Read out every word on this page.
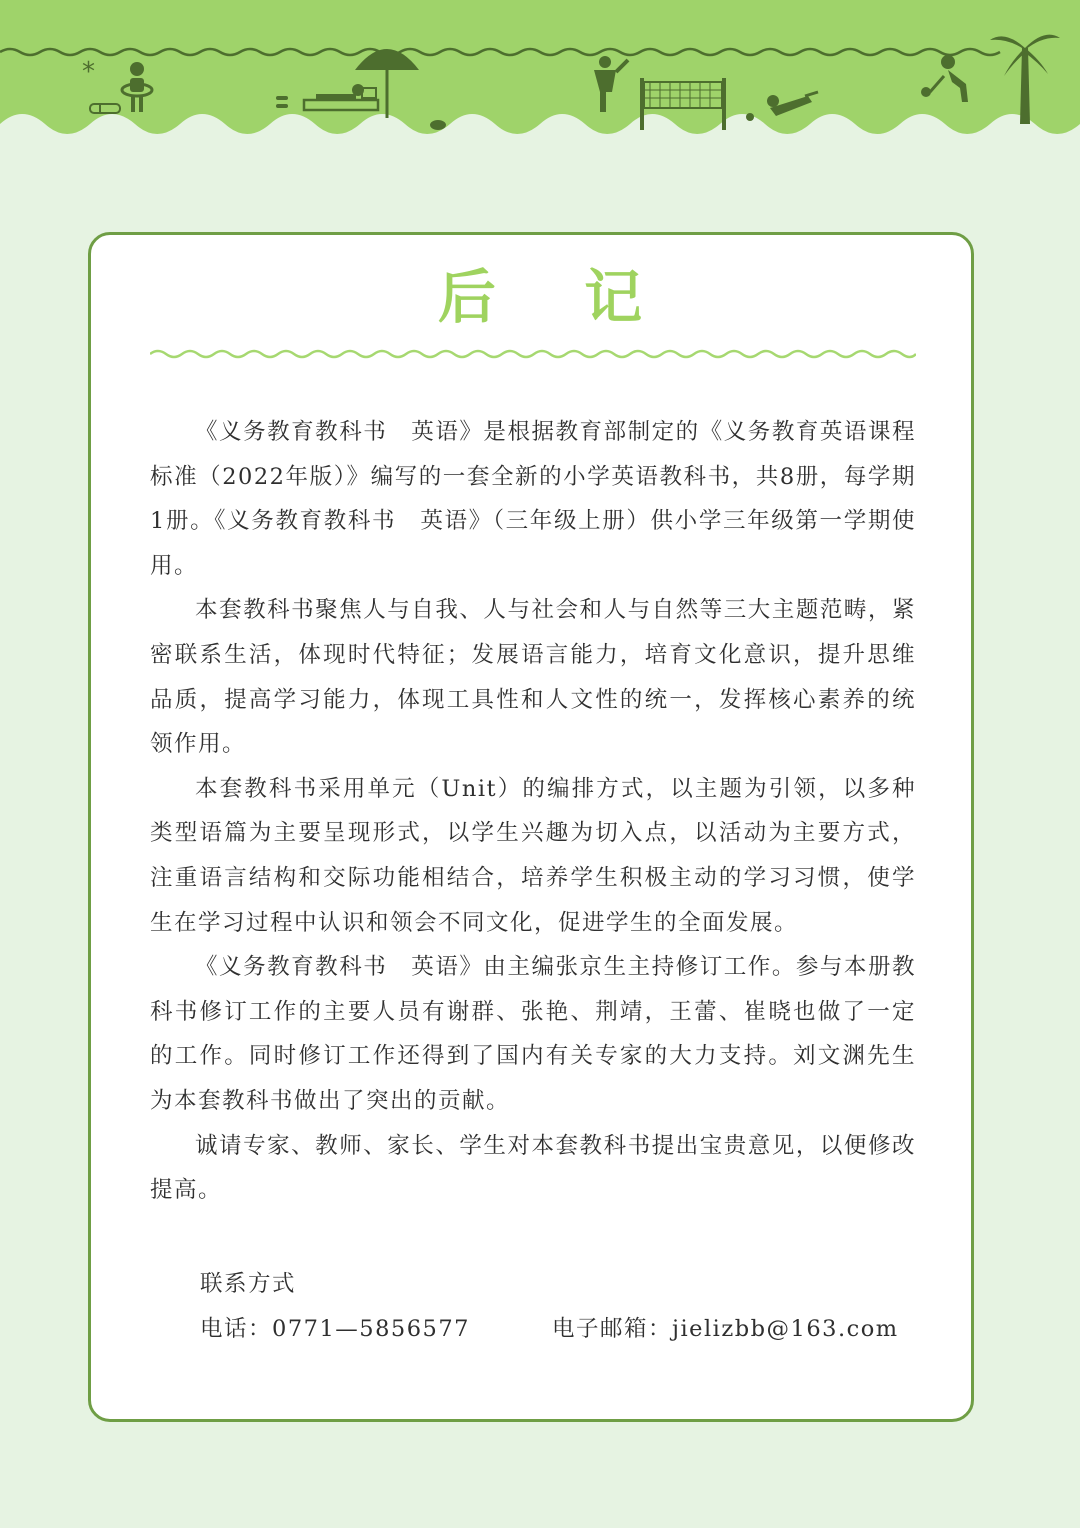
*
后 记

《义务教育教科书　英语》是根据教育部制定的《义务教育英语课程标准（2022年版）》编写的一套全新的小学英语教科书，共8册，每学期1册。《义务教育教科书　英语》（三年级上册）供小学三年级第一学期使用。

本套教科书聚焦人与自我、人与社会和人与自然等三大主题范畴，紧密联系生活，体现时代特征；发展语言能力，培育文化意识，提升思维品质，提高学习能力，体现工具性和人文性的统一，发挥核心素养的统领作用。

本套教科书采用单元（Unit）的编排方式，以主题为引领，以多种类型语篇为主要呈现形式，以学生兴趣为切入点，以活动为主要方式，注重语言结构和交际功能相结合，培养学生积极主动的学习习惯，使学生在学习过程中认识和领会不同文化，促进学生的全面发展。

《义务教育教科书　英语》由主编张京生主持修订工作。参与本册教科书修订工作的主要人员有谢群、张艳、荆靖，王蕾、崔晓也做了一定的工作。同时修订工作还得到了国内有关专家的大力支持。刘文渊先生为本套教科书做出了突出的贡献。

诚请专家、教师、家长、学生对本套教科书提出宝贵意见，以便修改提高。

联系方式
电话：0771—5856577	电子邮箱：jielizbb@163.com
